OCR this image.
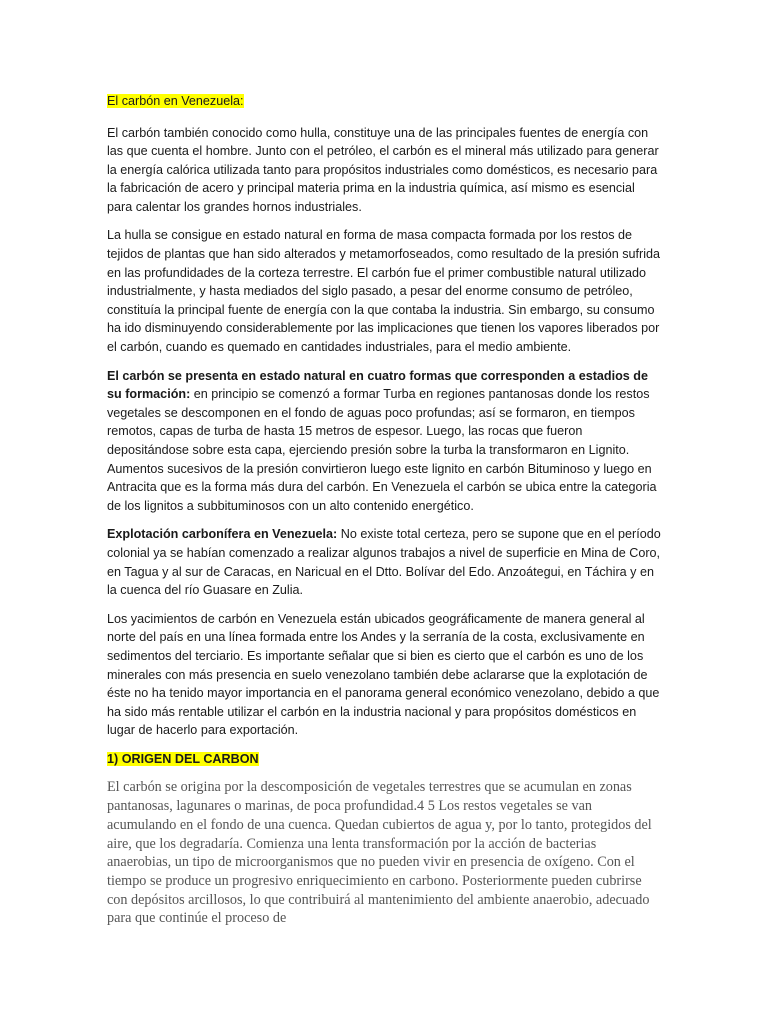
El carbón en Venezuela:

El carbón también conocido como hulla, constituye una de las principales fuentes de energía con las que cuenta el hombre. Junto con el petróleo, el carbón es el mineral más utilizado para generar la energía calórica utilizada tanto para propósitos industriales como domésticos, es necesario para la fabricación de acero y principal materia prima en la industria química, así mismo es esencial para calentar los grandes hornos industriales.

La hulla se consigue en estado natural en forma de masa compacta formada por los restos de tejidos de plantas que han sido alterados y metamorfoseados, como resultado de la presión sufrida en las profundidades de la corteza terrestre. El carbón fue el primer combustible natural utilizado industrialmente, y hasta mediados del siglo pasado, a pesar del enorme consumo de petróleo, constituía la principal fuente de energía con la que contaba la industria. Sin embargo, su consumo ha ido disminuyendo considerablemente por las implicaciones que tienen los vapores liberados por el carbón, cuando es quemado en cantidades industriales, para el medio ambiente.

El carbón se presenta en estado natural en cuatro formas que corresponden a estadios de su formación: en principio se comenzó a formar Turba en regiones pantanosas donde los restos vegetales se descomponen en el fondo de aguas poco profundas; así se formaron, en tiempos remotos, capas de turba de hasta 15 metros de espesor. Luego, las rocas que fueron depositándose sobre esta capa, ejerciendo presión sobre la turba la transformaron en Lignito. Aumentos sucesivos de la presión convirtieron luego este lignito en carbón Bituminoso y luego en Antracita que es la forma más dura del carbón. En Venezuela el carbón se ubica entre la categoria de los lignitos a subbituminosos con un alto contenido energético.

Explotación carbonífera en Venezuela: No existe total certeza, pero se supone que en el período colonial ya se habían comenzado a realizar algunos trabajos a nivel de superficie en Mina de Coro, en Tagua y al sur de Caracas, en Naricual en el Dtto. Bolívar del Edo. Anzoátegui, en Táchira y en la cuenca del río Guasare en Zulia.

Los yacimientos de carbón en Venezuela están ubicados geográficamente de manera general al norte del país en una línea formada entre los Andes y la serranía de la costa, exclusivamente en sedimentos del terciario. Es importante señalar que si bien es cierto que el carbón es uno de los minerales con más presencia en suelo venezolano también debe aclararse que la explotación de éste no ha tenido mayor importancia en el panorama general económico venezolano, debido a que ha sido más rentable utilizar el carbón en la industria nacional y para propósitos domésticos en lugar de hacerlo para exportación.

1) ORIGEN DEL CARBON

El carbón se origina por la descomposición de vegetales terrestres que se acumulan en zonas pantanosas, lagunares o marinas, de poca profundidad.4 5 Los restos vegetales se van acumulando en el fondo de una cuenca. Quedan cubiertos de agua y, por lo tanto, protegidos del aire, que los degradaría. Comienza una lenta transformación por la acción de bacterias anaerobias, un tipo de microorganismos que no pueden vivir en presencia de oxígeno. Con el tiempo se produce un progresivo enriquecimiento en carbono. Posteriormente pueden cubrirse con depósitos arcillosos, lo que contribuirá al mantenimiento del ambiente anaerobio, adecuado para que continúe el proceso de
